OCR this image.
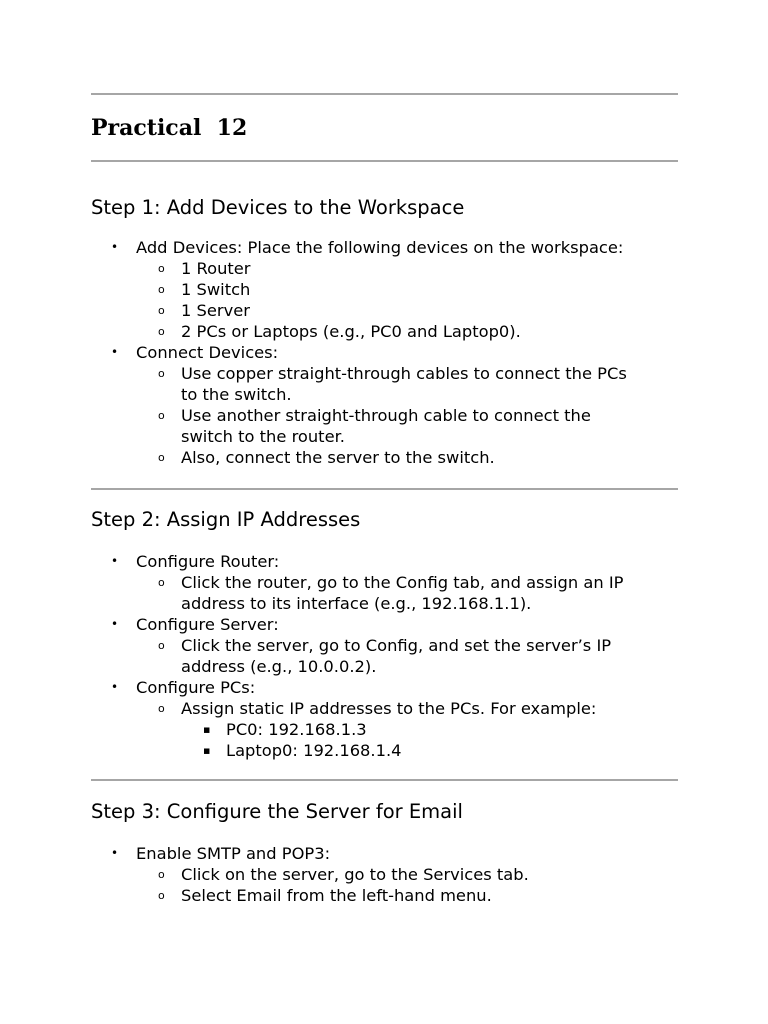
Practical  12
Step 1: Add Devices to the Workspace
• Add Devices: Place the following devices on the workspace:
o 1 Router
o 1 Switch
o 1 Server
o 2 PCs or Laptops (e.g., PC0 and Laptop0).
• Connect Devices:
o Use copper straight-through cables to connect the PCs
to the switch.
o Use another straight-through cable to connect the
switch to the router.
o Also, connect the server to the switch.
Step 2: Assign IP Addresses
• Configure Router:
o Click the router, go to the Config tab, and assign an IP
address to its interface (e.g., 192.168.1.1).
• Configure Server:
o Click the server, go to Config, and set the server’s IP
address (e.g., 10.0.0.2).
• Configure PCs:
o Assign static IP addresses to the PCs. For example:
▪ PC0: 192.168.1.3
▪ Laptop0: 192.168.1.4
Step 3: Configure the Server for Email
• Enable SMTP and POP3:
o Click on the server, go to the Services tab.
o Select Email from the left-hand menu.
